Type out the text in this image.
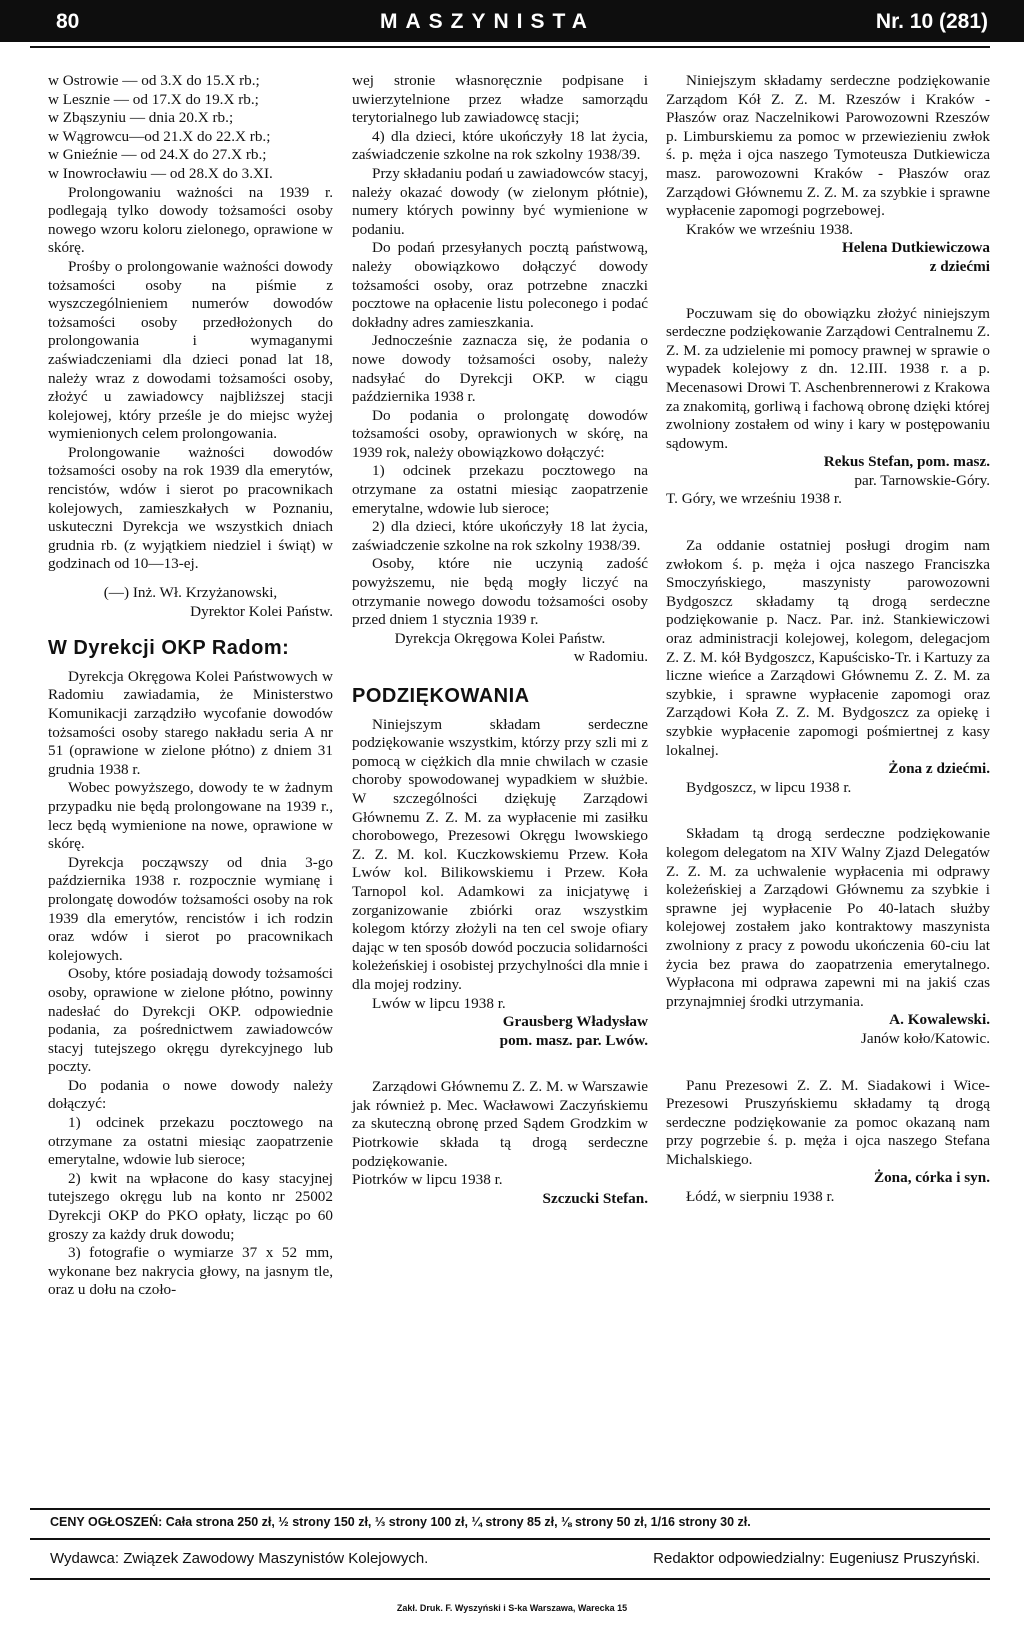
80	MASZYNISTA	Nr. 10 (281)
w Ostrowie — od 3.X do 15.X rb.;
w Lesznie — od 17.X do 19.X rb.;
w Zbąszyniu — dnia 20.X rb.;
w Wągrowcu—od 21.X do 22.X rb.;
w Gnieźnie — od 24.X do 27.X rb.;
w Inowrocławiu — od 28.X do 3.XI.

Prolongowaniu ważności na 1939 r. podlegają tylko dowody tożsamości osoby nowego wzoru koloru zielonego, oprawione w skórę.

Prośby o prolongowanie ważności dowody tożsamości osoby na piśmie z wyszczególnieniem numerów dowodów tożsamości osoby przedłożonych do prolongowania i wymaganymi zaświadczeniami dla dzieci ponad lat 18, należy wraz z dowodami tożsamości osoby, złożyć u zawiadowcy najbliższej stacji kolejowej, który prześle je do miejsc wyżej wymienionych celem prolongowania.

Prolongowanie ważności dowodów tożsamości osoby na rok 1939 dla emerytów, rencistów, wdów i sierot po pracownikach kolejowych, zamieszkałych w Poznaniu, uskuteczni Dyrekcja we wszystkich dniach grudnia rb. (z wyjątkiem niedziel i świąt) w godzinach od 10—13-ej.

(—) Inż. Wł. Krzyżanowski,
Dyrektor Kolei Państw.
W Dyrekcji OKP Radom:

Dyrekcja Okręgowa Kolei Państwowych w Radomiu zawiadamia, że Ministerstwo Komunikacji zarządziło wycofanie dowodów tożsamości osoby starego nakładu seria A nr 51 (oprawione w zielone płótno) z dniem 31 grudnia 1938 r.

Wobec powyższego, dowody te w żadnym przypadku nie będą prolongowane na 1939 r., lecz będą wymienione na nowe, oprawione w skórę.

Dyrekcja począwszy od dnia 3-go października 1938 r. rozpocznie wymianę i prolongatę dowodów tożsamości osoby na rok 1939 dla emerytów, rencistów i ich rodzin oraz wdów i sierot po pracownikach kolejowych.

Osoby, które posiadają dowody tożsamości osoby, oprawione w zielone płótno, powinny nadesłać do Dyrekcji OKP. odpowiednie podania, za pośrednictwem zawiadowców stacyj tutejszego okręgu dyrekcyjnego lub poczty.

Do podania o nowe dowody należy dołączyć:

1) odcinek przekazu pocztowego na otrzymane za ostatni miesiąc zaopatrzenie emerytalne, wdowie lub sieroce;

2) kwit na wpłacone do kasy stacyjnej tutejszego okręgu lub na konto nr 25002 Dyrekcji OKP do PKO opłaty, licząc po 60 groszy za każdy druk dowodu;

3) fotografie o wymiarze 37 x 52 mm, wykonane bez nakrycia głowy, na jasnym tle, oraz u dołu na czoło-

wej stronie własnoręcznie podpisane i uwierzytelnione przez władze samorządu terytorialnego lub zawiadowcę stacji;

4) dla dzieci, które ukończyły 18 lat życia, zaświadczenie szkolne na rok szkolny 1938/39.

Przy składaniu podań u zawiadowców stacyj, należy okazać dowody (w zielonym płótnie), numery których powinny być wymienione w podaniu.

Do podań przesyłanych pocztą państwową, należy obowiązkowo dołączyć dowody tożsamości osoby, oraz potrzebne znaczki pocztowe na opłacenie listu poleconego i podać dokładny adres zamieszkania.

Jednocześnie zaznacza się, że podania o nowe dowody tożsamości osoby, należy nadsyłać do Dyrekcji OKP. w ciągu października 1938 r.

Do podania o prolongatę dowodów tożsamości osoby, oprawionych w skórę, na 1939 rok, należy obowiązkowo dołączyć:

1) odcinek przekazu pocztowego na otrzymane za ostatni miesiąc zaopatrzenie emerytalne, wdowie lub sieroce;

2) dla dzieci, które ukończyły 18 lat życia, zaświadczenie szkolne na rok szkolny 1938/39.

Osoby, które nie uczynią zadość powyższemu, nie będą mogły liczyć na otrzymanie nowego dowodu tożsamości osoby przed dniem 1 stycznia 1939 r.

Dyrekcja Okręgowa Kolei Państw.
w Radomiu.
PODZIĘKOWANIA

Niniejszym składam serdeczne podziękowanie wszystkim, którzy przy szli mi z pomocą w ciężkich dla mnie chwilach w czasie choroby spowodowanej wypadkiem w służbie. W szczególności dziękuję Zarządowi Głównemu Z. Z. M. za wypłacenie mi zasiłku chorobowego, Prezesowi Okręgu lwowskiego Z. Z. M. kol. Kuczkowskiemu Przew. Koła Lwów kol. Bilikowskiemu i Przew. Koła Tarnopol kol. Adamkowi za inicjatywę i zorganizowanie zbiórki oraz wszystkim kolegom którzy złożyli na ten cel swoje ofiary dając w ten sposób dowód poczucia solidarności koleżeńskiej i osobistej przychylności dla mnie i dla mojej rodziny.

Lwów w lipcu 1938 r.

Grausberg Władysław
pom. masz. par. Lwów.

Zarządowi Głównemu Z. Z. M. w Warszawie jak również p. Mec. Wacławowi Zaczyńskiemu za skuteczną obronę przed Sądem Grodzkim w Piotrkowie składa tą drogą serdeczne podziękowanie.

Piotrków w lipcu 1938 r.

Szczucki Stefan.

Niniejszym składamy serdeczne podziękowanie Zarządom Kół Z. Z. M. Rzeszów i Kraków - Płaszów oraz Naczelnikowi Parowozowni Rzeszów p. Limburskiemu za pomoc w przewiezieniu zwłok ś. p. męża i ojca naszego Tymoteusza Dutkiewicza masz. parowozowni Kraków - Płaszów oraz Zarządowi Głównemu Z. Z. M. za szybkie i sprawne wypłacenie zapomogi pogrzebowej.

Kraków we wrześniu 1938.

Helena Dutkiewiczowa
z dziećmi

Poczuwam się do obowiązku złożyć niniejszym serdeczne podziękowanie Zarządowi Centralnemu Z. Z. M. za udzielenie mi pomocy prawnej w sprawie o wypadek kolejowy z dn. 12.III. 1938 r. a p. Mecenasowi Drowi T. Aschenbrennerowi z Krakowa za znakomitą, gorliwą i fachową obronę dzięki której zwolniony zostałem od winy i kary w postępowaniu sądowym.

Rekus Stefan, pom. masz.
par. Tarnowskie-Góry.

T. Góry, we wrześniu 1938 r.

Za oddanie ostatniej posługi drogim nam zwłokom ś. p. męża i ojca naszego Franciszka Smoczyńskiego, maszynisty parowozowni Bydgoszcz składamy tą drogą serdeczne podziękowanie p. Nacz. Par. inż. Stankiewiczowi oraz administracji kolejowej, kolegom, delegacjom Z. Z. M. kół Bydgoszcz, Kapuścisko-Tr. i Kartuzy za liczne wieńce a Zarządowi Głównemu Z. Z. M. za szybkie, i sprawne wypłacenie zapomogi oraz Zarządowi Koła Z. Z. M. Bydgoszcz za opiekę i szybkie wypłacenie zapomogi pośmiertnej z kasy lokalnej.

Żona z dziećmi.

Bydgoszcz, w lipcu 1938 r.

Składam tą drogą serdeczne podziękowanie kolegom delegatom na XIV Walny Zjazd Delegatów Z. Z. M. za uchwalenie wypłacenia mi odprawy koleżeńskiej a Zarządowi Głównemu za szybkie i sprawne jej wypłacenie Po 40-latach służby kolejowej zostałem jako kontraktowy maszynista zwolniony z pracy z powodu ukończenia 60-ciu lat życia bez prawa do zaopatrzenia emerytalnego. Wypłacona mi odprawa zapewni mi na jakiś czas przynajmniej środki utrzymania.

A. Kowalewski.
Janów koło/Katowic.

Panu Prezesowi Z. Z. M. Siadakowi i Wice-Prezesowi Pruszyńskiemu składamy tą drogą serdeczne podziękowanie za pomoc okazaną nam przy pogrzebie ś. p. męża i ojca naszego Stefana Michalskiego.

Żona, córka i syn.

Łódź, w sierpniu 1938 r.

CENY OGŁOSZEŃ: Cała strona 250 zł, ½ strony 150 zł, ⅓ strony 100 zł, ¼ strony 85 zł, ⅛ strony 50 zł, 1/16 strony 30 zł.
Wydawca: Związek Zawodowy Maszynistów Kolejowych.	Redaktor odpowiedzialny: Eugeniusz Pruszyński.
Zakł. Druk. F. Wyszyński i S-ka Warszawa, Warecka 15
